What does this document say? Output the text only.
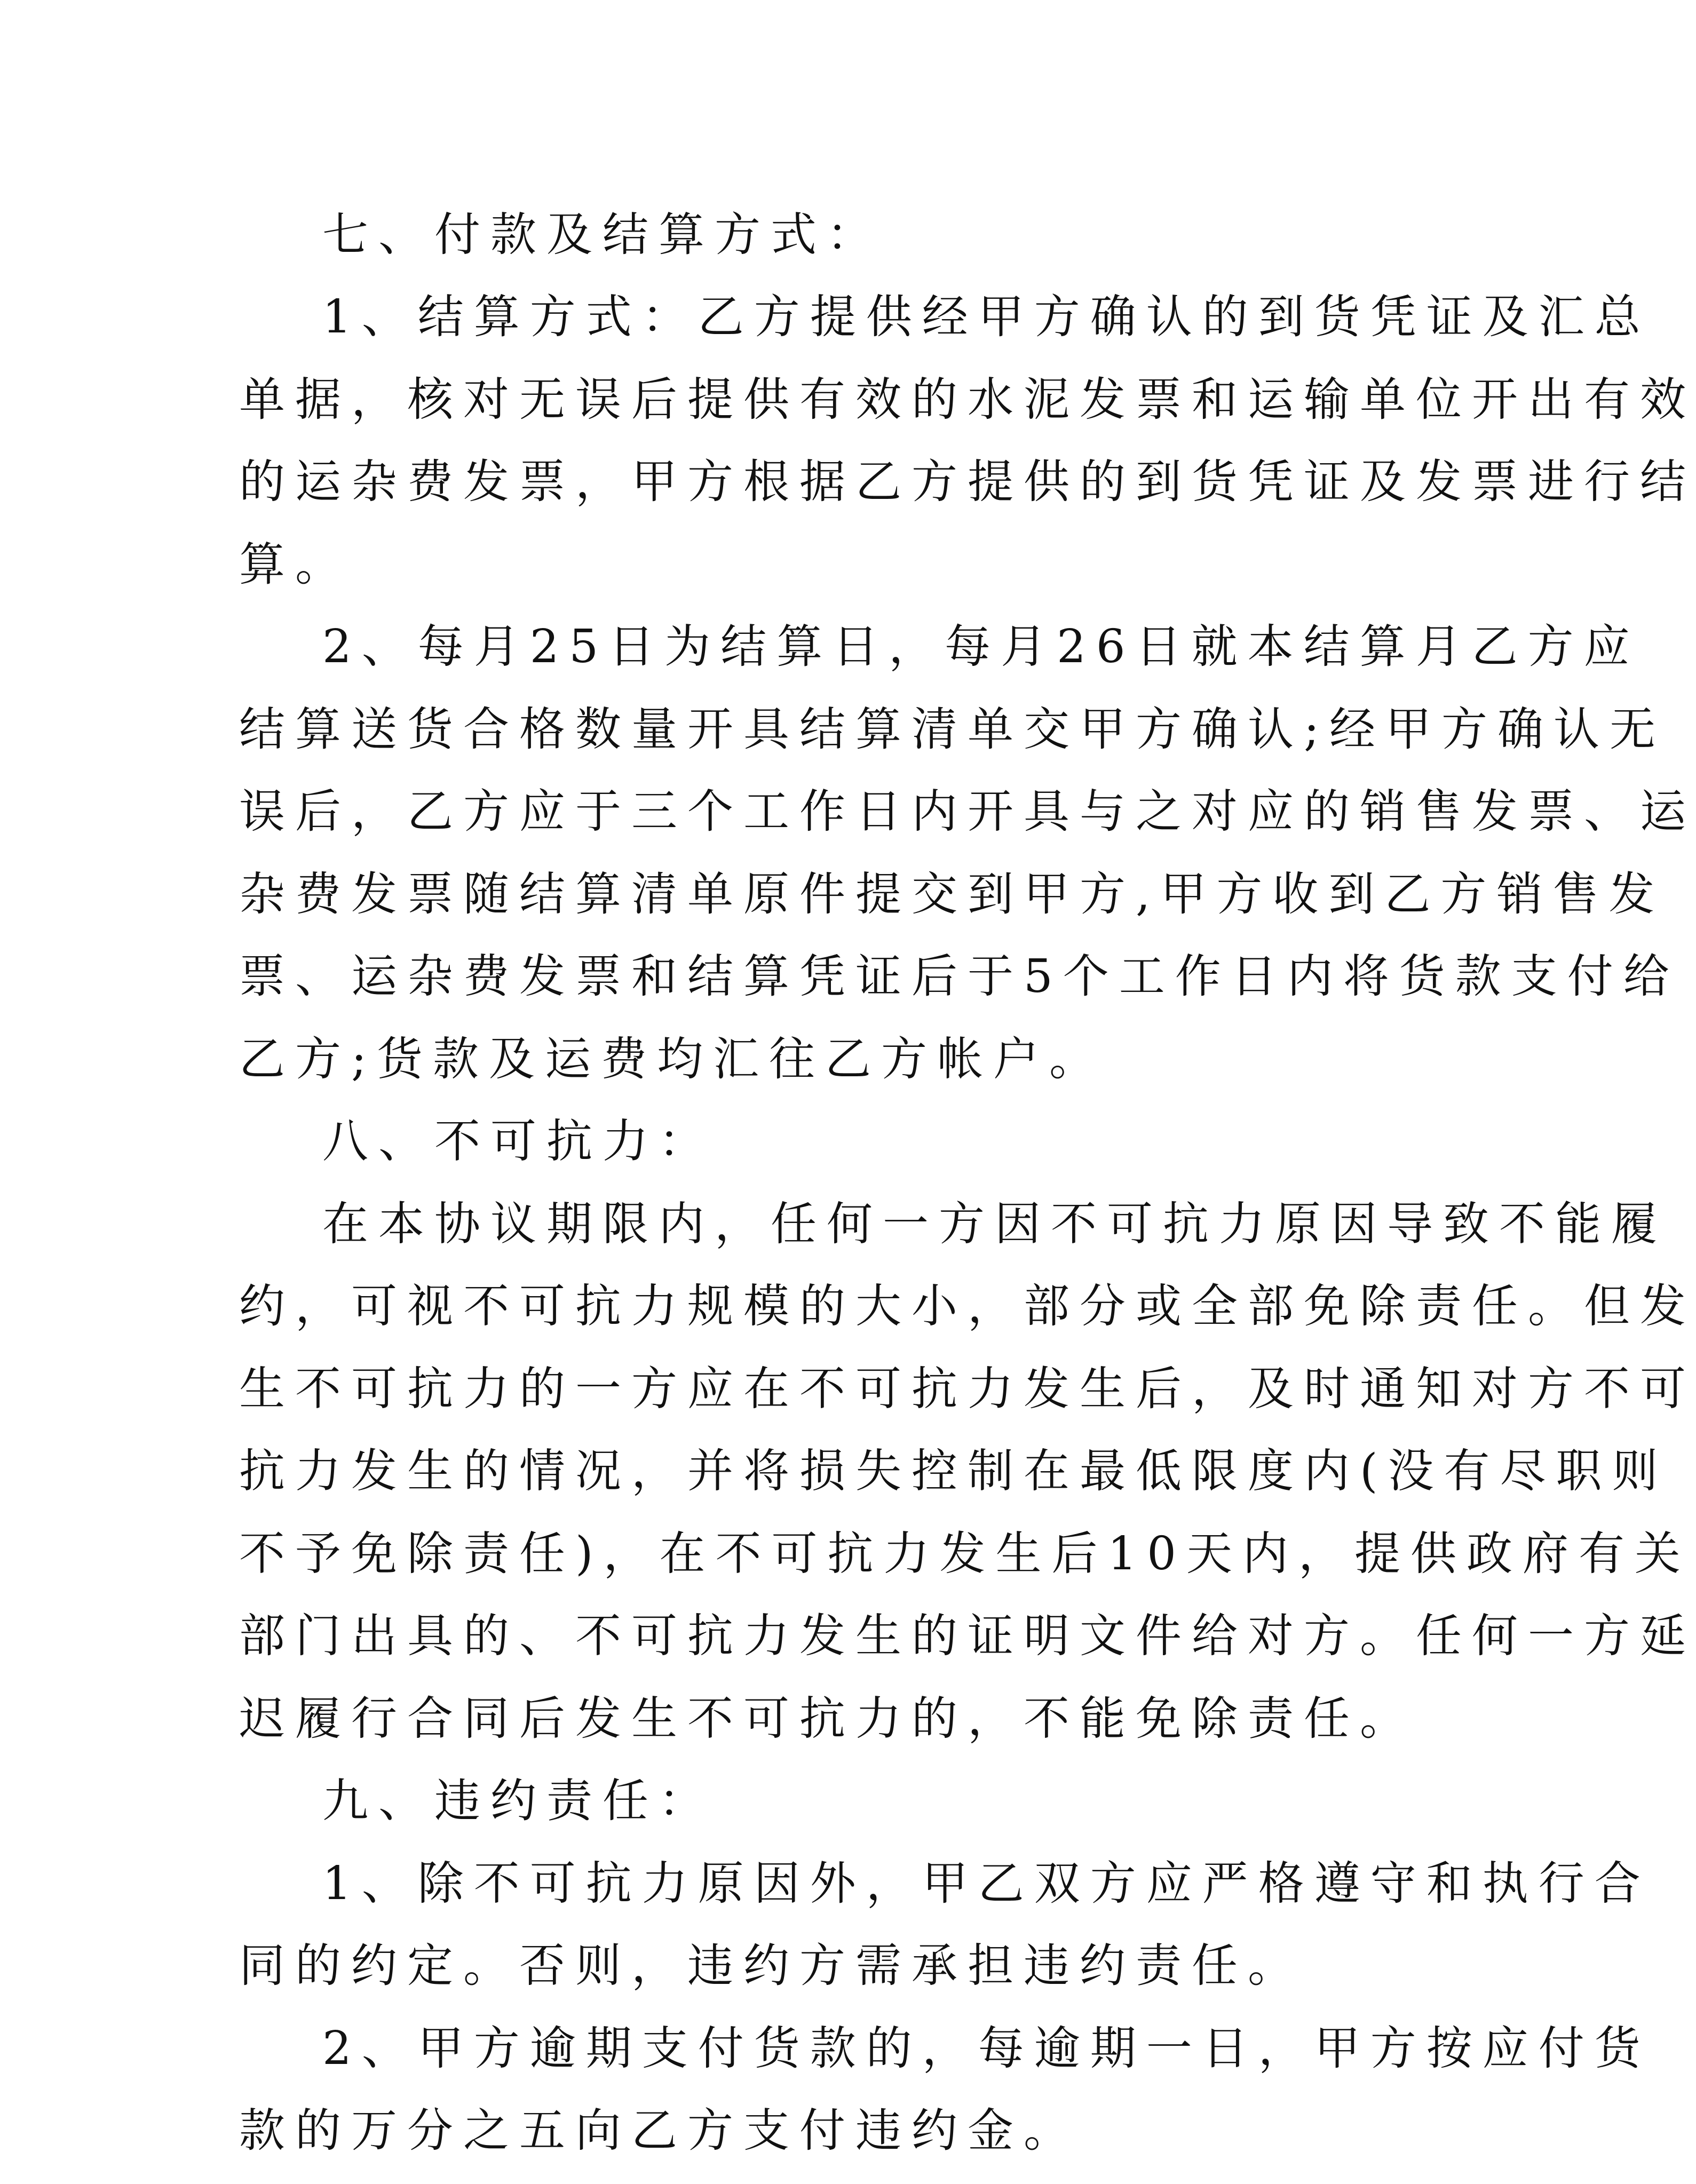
七、付款及结算方式：
1、结算方式：乙方提供经甲方确认的到货凭证及汇总
单据，核对无误后提供有效的水泥发票和运输单位开出有效
的运杂费发票，甲方根据乙方提供的到货凭证及发票进行结
算。
2、每月25日为结算日，每月26日就本结算月乙方应
结算送货合格数量开具结算清单交甲方确认;经甲方确认无
误后，乙方应于三个工作日内开具与之对应的销售发票、运
杂费发票随结算清单原件提交到甲方,甲方收到乙方销售发
票、运杂费发票和结算凭证后于5个工作日内将货款支付给
乙方;货款及运费均汇往乙方帐户。
八、不可抗力：
在本协议期限内，任何一方因不可抗力原因导致不能履
约，可视不可抗力规模的大小，部分或全部免除责任。但发
生不可抗力的一方应在不可抗力发生后，及时通知对方不可
抗力发生的情况，并将损失控制在最低限度内(没有尽职则
不予免除责任)，在不可抗力发生后10天内，提供政府有关
部门出具的、不可抗力发生的证明文件给对方。任何一方延
迟履行合同后发生不可抗力的，不能免除责任。
九、违约责任：
1、除不可抗力原因外，甲乙双方应严格遵守和执行合
同的约定。否则，违约方需承担违约责任。
2、甲方逾期支付货款的，每逾期一日，甲方按应付货
款的万分之五向乙方支付违约金。
